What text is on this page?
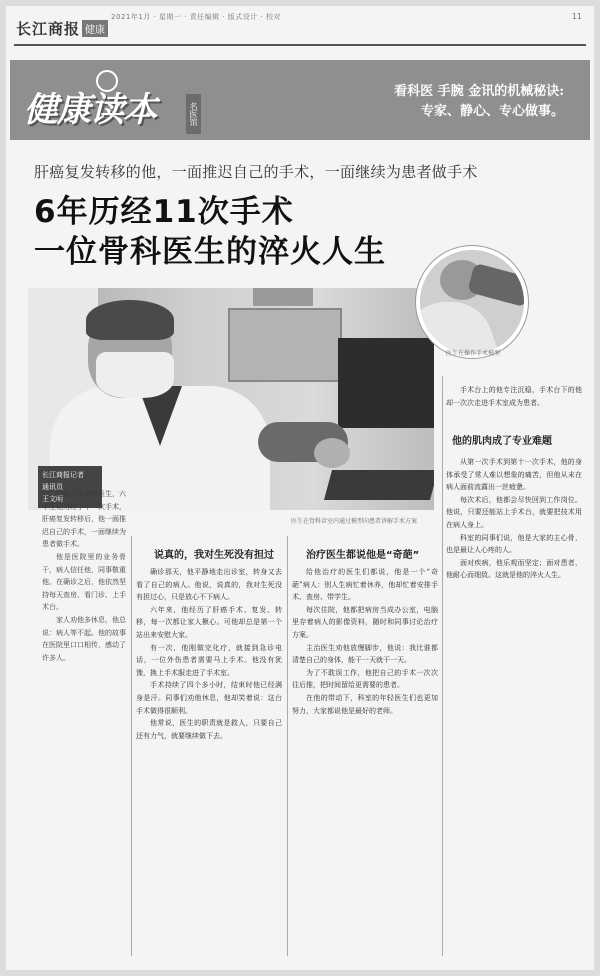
长江商报 健康
2021年1月 · 星期一 · 责任编辑 · 版式设计 · 校对	11
健康读本	名医馆
看科医 手腕 金讯的机械秘诀:
专家、静心、专心做事。
肝癌复发转移的他，一面推迟自己的手术，一面继续为患者做手术
6年历经11次手术
一位骨科医生的淬火人生
医生在骨科诊室内通过模型向患者讲解手术方案
长江商报记者
通讯员
王文明
医生在操作手术模型
说真的，我对生死没有担过	治疗医生都说他是“奇葩”
他的肌肉成了专业难题

这是一位骨科医生，六年里他历经了十一次手术，肝癌复发转移后，他一面推迟自己的手术，一面继续为患者做手术。

他是医院里的业务骨干，病人信任他，同事敬重他。在确诊之后，他依然坚持每天查房、看门诊、上手术台。

家人劝他多休息，他总说：病人等不起。他的故事在医院里口口相传，感动了许多人。

手术台上的他专注沉稳，手术台下的他却一次次走进手术室成为患者。

从第一次手术到第十一次手术，他的身体承受了常人难以想象的痛苦，但他从未在病人面前流露出一丝疲惫。

每次术后，他都会尽快回到工作岗位。他说，只要还能站上手术台，就要把技术用在病人身上。

科室的同事们说，他是大家的主心骨，也是最让人心疼的人。

面对疾病，他乐观而坚定；面对患者，他耐心而细致。这就是他的淬火人生。

确诊那天，他平静地走出诊室，转身又去看了自己的病人。他说，说真的，我对生死没有担过心，只是放心不下病人。

六年来，他经历了肝癌手术、复发、转移，每一次都让家人揪心。可他却总是第一个站出来安慰大家。

有一次，他刚做完化疗，就接到急诊电话，一位外伤患者需要马上手术。他没有犹豫，换上手术服走进了手术室。

手术持续了四个多小时，结束时他已经满身是汗。同事们劝他休息，他却笑着说：这台手术做得很顺利。

他常说，医生的职责就是救人，只要自己还有力气，就要继续做下去。

给他治疗的医生们都说，他是一个“奇葩”病人：别人生病忙着休养，他却忙着安排手术、查房、带学生。

每次住院，他都把病房当成办公室，电脑里存着病人的影像资料，随时和同事讨论治疗方案。

主治医生劝他放慢脚步，他说：我比谁都清楚自己的身体，能干一天就干一天。

为了不耽误工作，他把自己的手术一次次往后推，把时间留给更需要的患者。

在他的带动下，科室的年轻医生们也更加努力，大家都说他是最好的老师。
